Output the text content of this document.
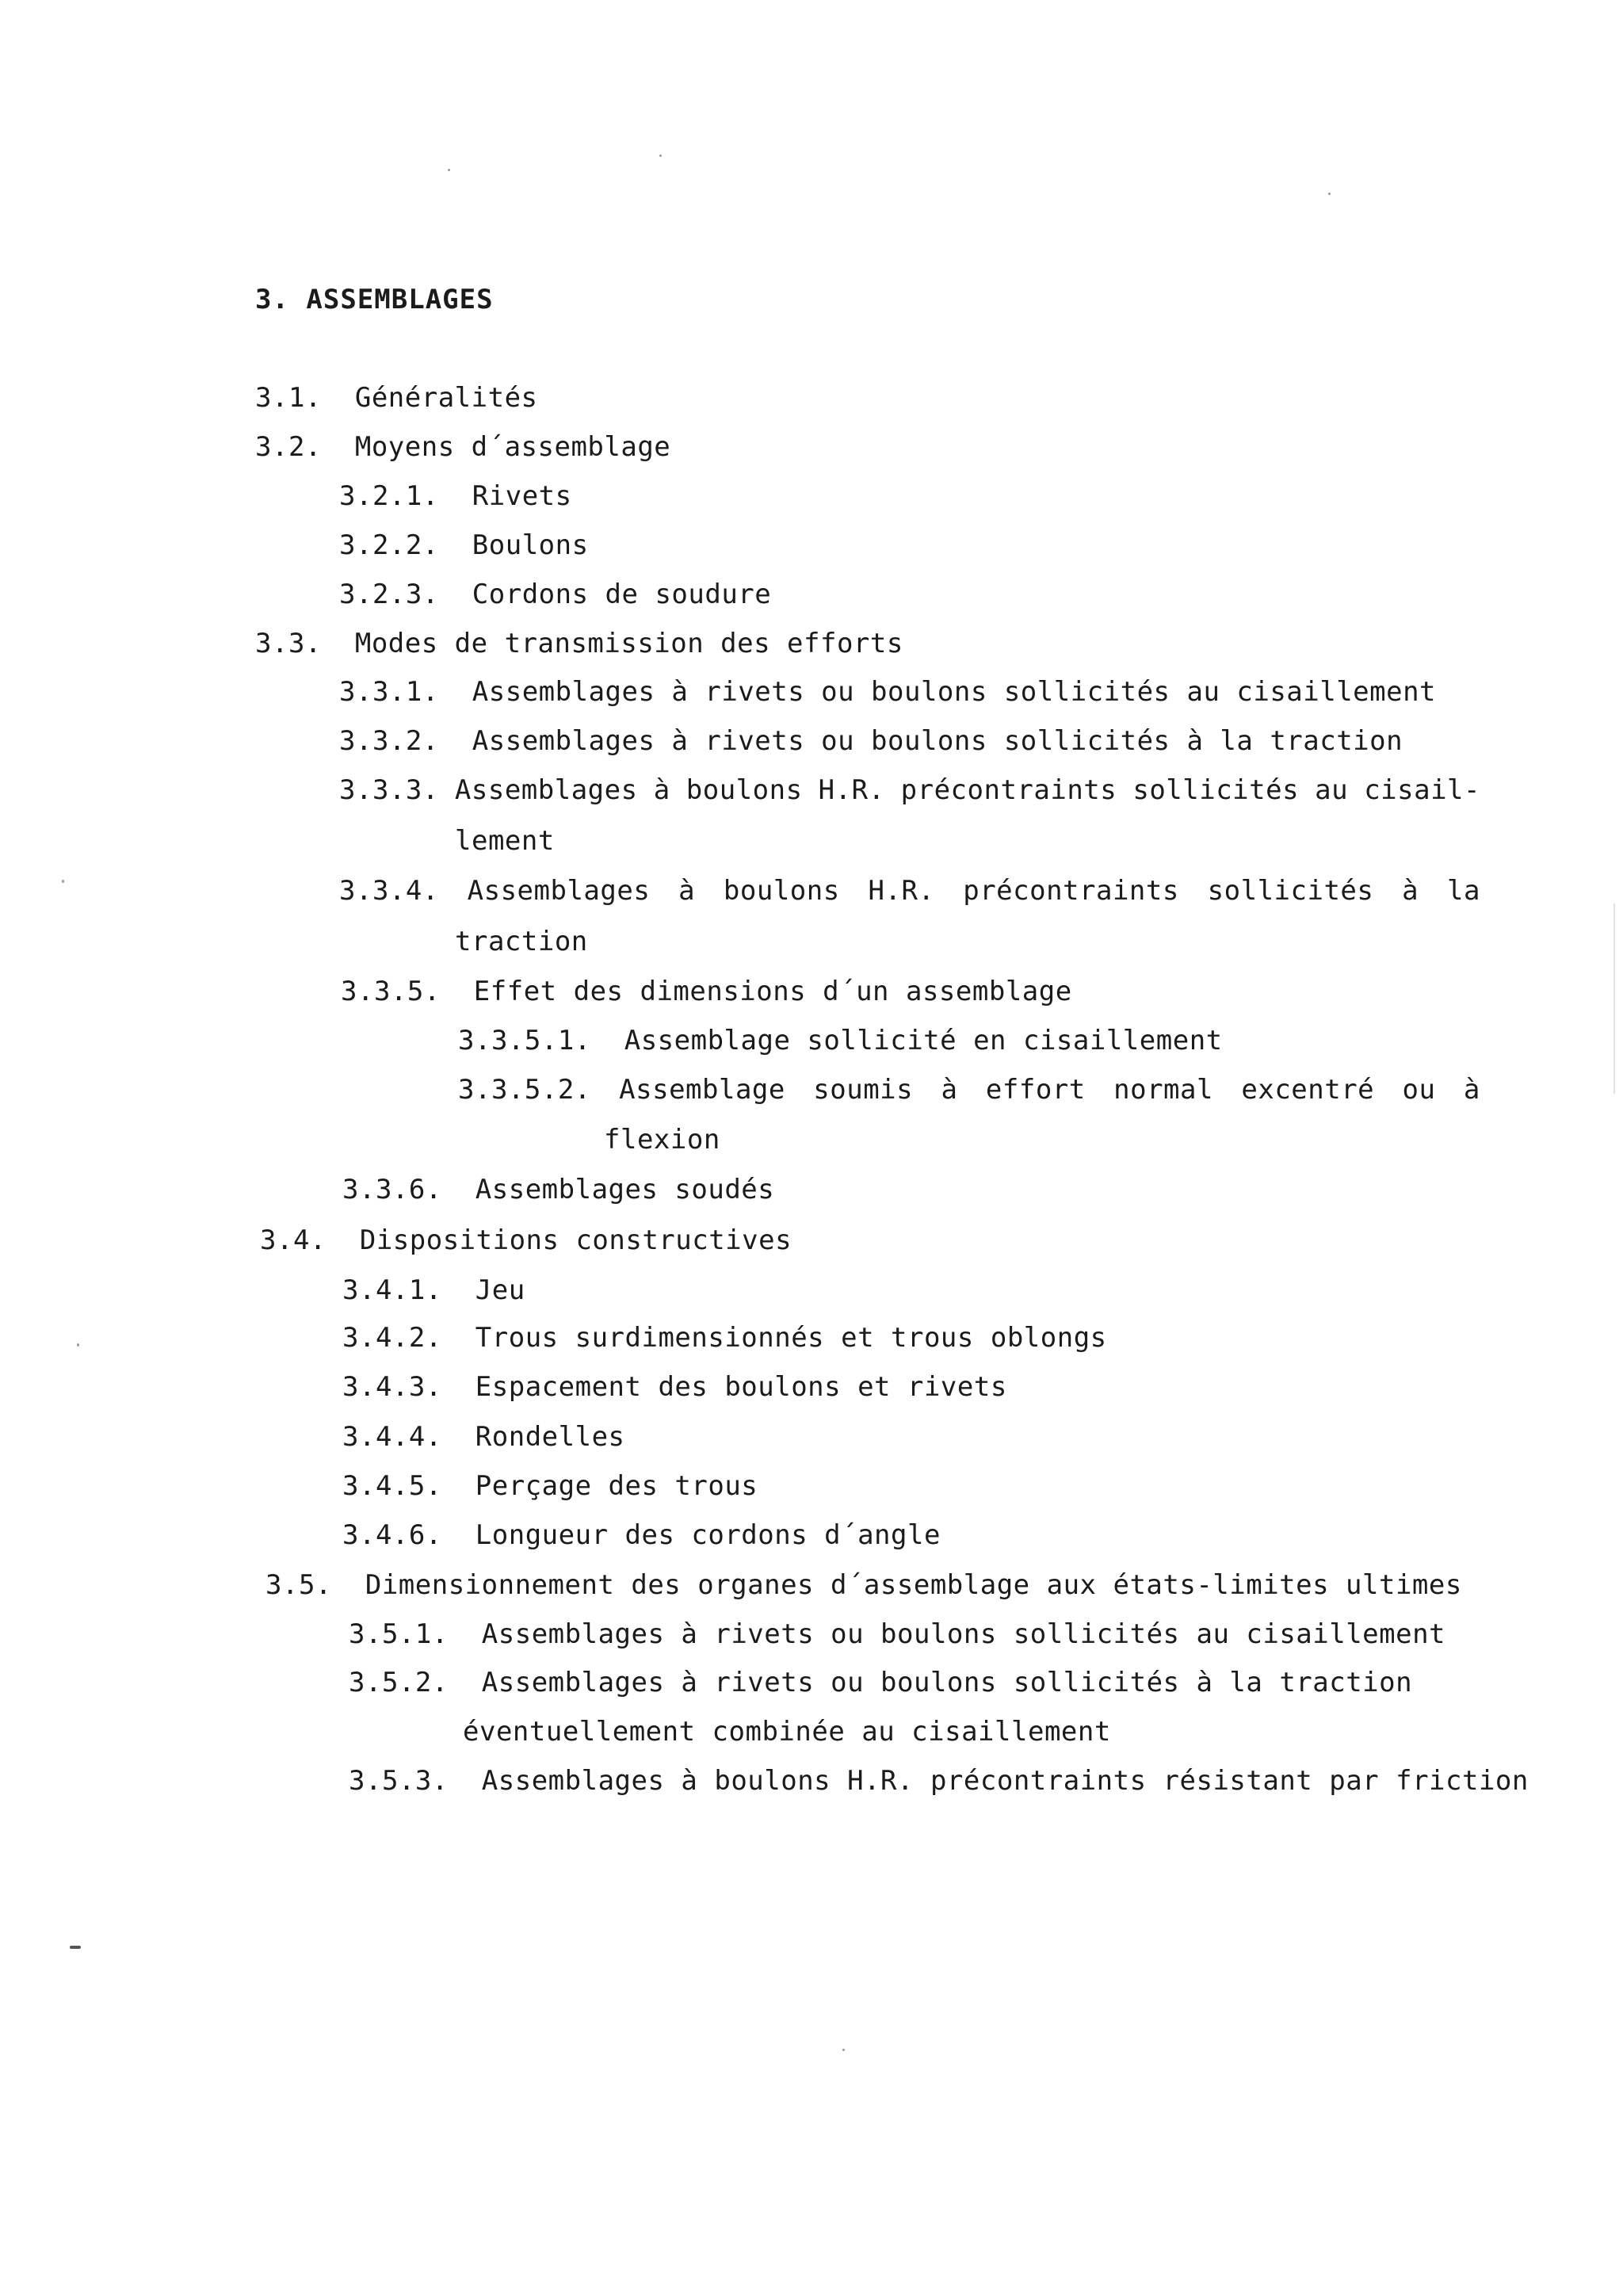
3. ASSEMBLAGES
3.1. Généralités
3.2. Moyens d´assemblage
3.2.1. Rivets
3.2.2. Boulons
3.2.3. Cordons de soudure
3.3. Modes de transmission des efforts
3.3.1. Assemblages à rivets ou boulons sollicités au cisaillement
3.3.2. Assemblages à rivets ou boulons sollicités à la traction
3.3.3. Assemblages à boulons H.R. précontraints sollicités au cisail-
lement
3.3.4. Assemblages à boulons H.R. précontraints sollicités à la
traction
3.3.5. Effet des dimensions d´un assemblage
3.3.5.1. Assemblage sollicité en cisaillement
3.3.5.2. Assemblage soumis à effort normal excentré ou à
flexion
3.3.6. Assemblages soudés
3.4. Dispositions constructives
3.4.1. Jeu
3.4.2. Trous surdimensionnés et trous oblongs
3.4.3. Espacement des boulons et rivets
3.4.4. Rondelles
3.4.5. Perçage des trous
3.4.6. Longueur des cordons d´angle
3.5. Dimensionnement des organes d´assemblage aux états-limites ultimes
3.5.1. Assemblages à rivets ou boulons sollicités au cisaillement
3.5.2. Assemblages à rivets ou boulons sollicités à la traction
éventuellement combinée au cisaillement
3.5.3. Assemblages à boulons H.R. précontraints résistant par friction
